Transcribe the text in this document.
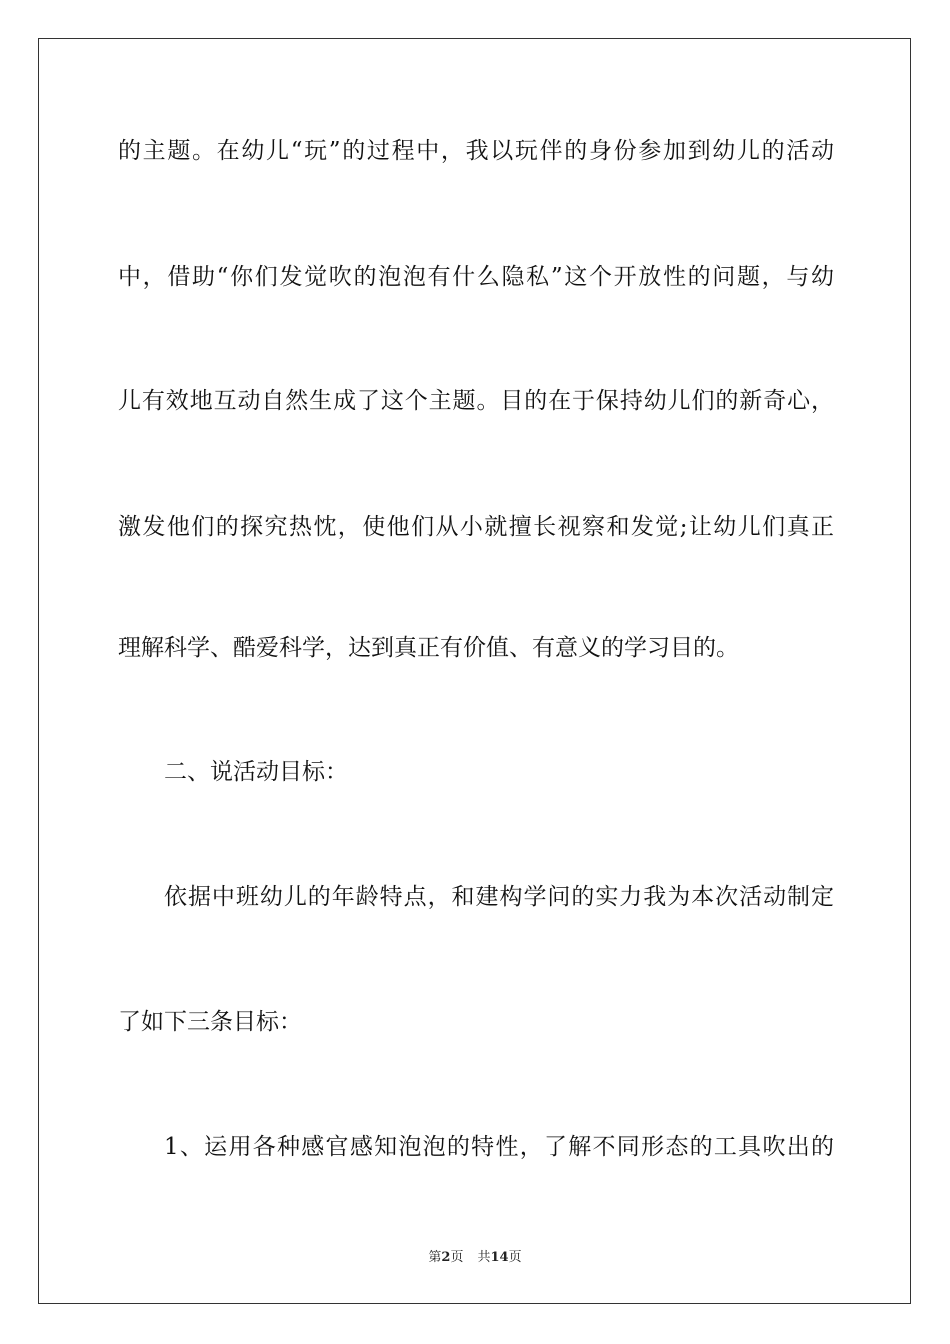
的主题。在幼儿“玩”的过程中，我以玩伴的身份参加到幼儿的活动
中，借助“你们发觉吹的泡泡有什么隐私”这个开放性的问题，与幼
儿有效地互动自然生成了这个主题。目的在于保持幼儿们的新奇心，
激发他们的探究热忱，使他们从小就擅长视察和发觉;让幼儿们真正
理解科学、酷爱科学，达到真正有价值、有意义的学习目的。
二、说活动目标：
依据中班幼儿的年龄特点，和建构学问的实力我为本次活动制定
了如下三条目标：
1、运用各种感官感知泡泡的特性，了解不同形态的工具吹出的
第2页 共14页
